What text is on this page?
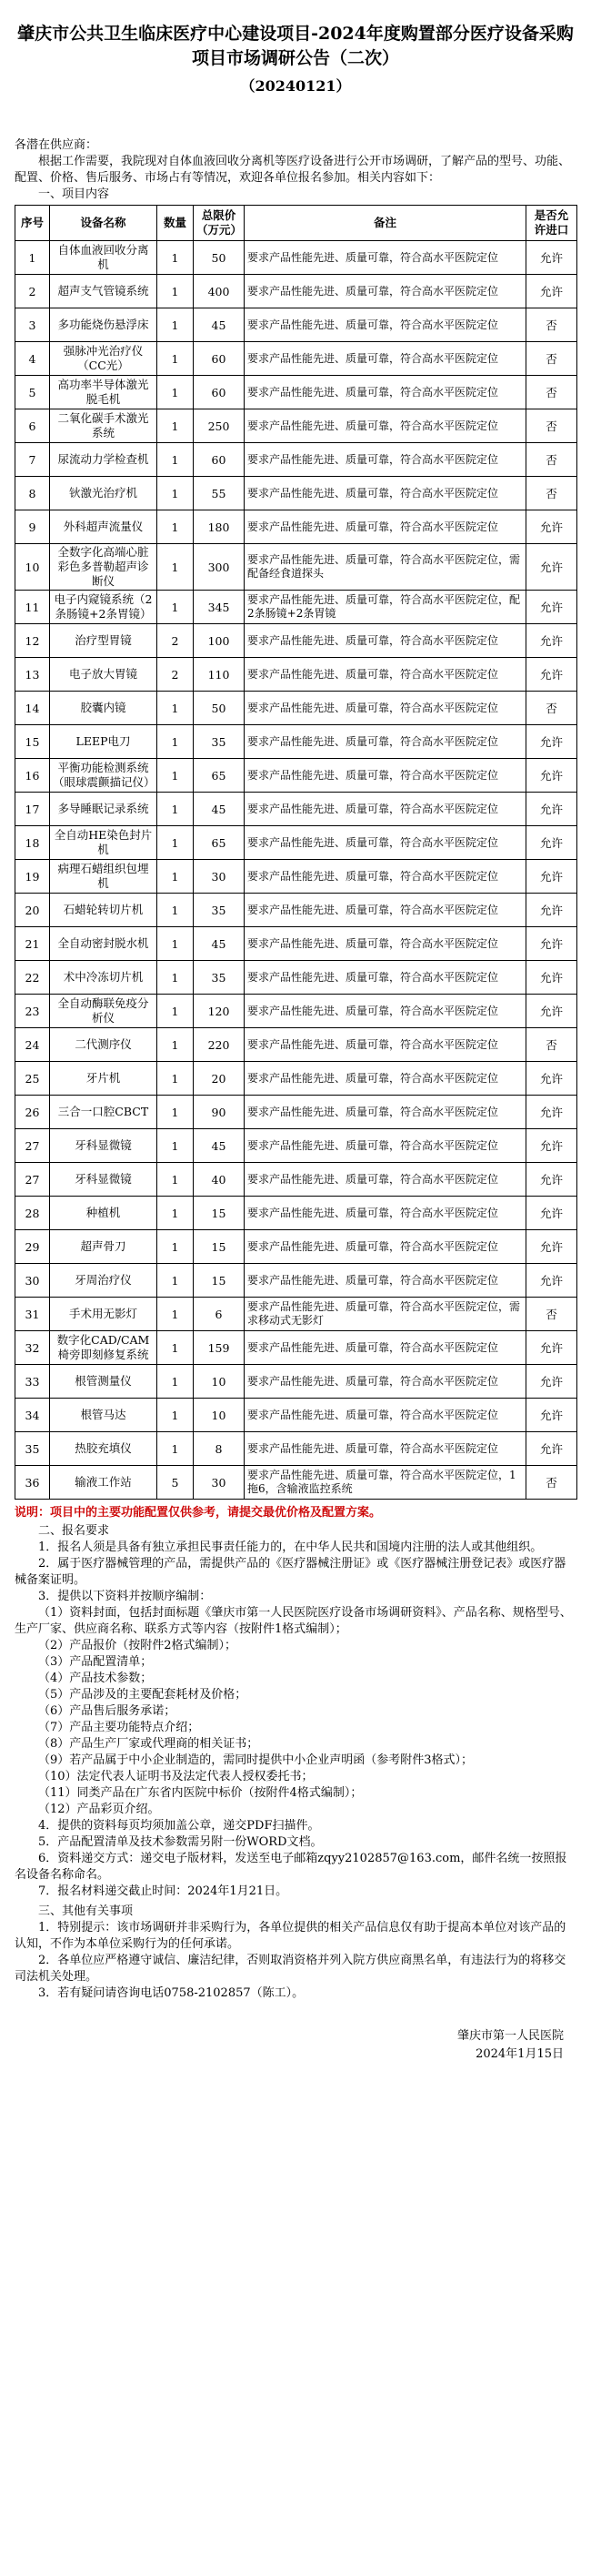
肇庆市公共卫生临床医疗中心建设项目-2024年度购置部分医疗设备采购项目市场调研公告（二次）
（20240121）

各潜在供应商：

根据工作需要，我院现对自体血液回收分离机等医疗设备进行公开市场调研，了解产品的型号、功能、配置、价格、售后服务、市场占有等情况，欢迎各单位报名参加。相关内容如下：

一、项目内容

序号	设备名称	数量	总限价（万元）	备注	是否允许进口
1	自体血液回收分离机	1	50	要求产品性能先进、质量可靠，符合高水平医院定位	允许
2	超声支气管镜系统	1	400	要求产品性能先进、质量可靠，符合高水平医院定位	允许
3	多功能烧伤悬浮床	1	45	要求产品性能先进、质量可靠，符合高水平医院定位	否
4	强脉冲光治疗仪（CC光）	1	60	要求产品性能先进、质量可靠，符合高水平医院定位	否
5	高功率半导体激光脱毛机	1	60	要求产品性能先进、质量可靠，符合高水平医院定位	否
6	二氧化碳手术激光系统	1	250	要求产品性能先进、质量可靠，符合高水平医院定位	否
7	尿流动力学检查机	1	60	要求产品性能先进、质量可靠，符合高水平医院定位	否
8	钬激光治疗机	1	55	要求产品性能先进、质量可靠，符合高水平医院定位	否
9	外科超声流量仪	1	180	要求产品性能先进、质量可靠，符合高水平医院定位	允许
10	全数字化高端心脏彩色多普勒超声诊断仪	1	300	要求产品性能先进、质量可靠，符合高水平医院定位，需配备经食道探头	允许
11	电子内窥镜系统（2条肠镜+2条胃镜）	1	345	要求产品性能先进、质量可靠，符合高水平医院定位，配2条肠镜+2条胃镜	允许
12	治疗型胃镜	2	100	要求产品性能先进、质量可靠，符合高水平医院定位	允许
13	电子放大胃镜	2	110	要求产品性能先进、质量可靠，符合高水平医院定位	允许
14	胶囊内镜	1	50	要求产品性能先进、质量可靠，符合高水平医院定位	否
15	LEEP电刀	1	35	要求产品性能先进、质量可靠，符合高水平医院定位	允许
16	平衡功能检测系统（眼球震颤描记仪）	1	65	要求产品性能先进、质量可靠，符合高水平医院定位	允许
17	多导睡眠记录系统	1	45	要求产品性能先进、质量可靠，符合高水平医院定位	允许
18	全自动HE染色封片机	1	65	要求产品性能先进、质量可靠，符合高水平医院定位	允许
19	病理石蜡组织包埋机	1	30	要求产品性能先进、质量可靠，符合高水平医院定位	允许
20	石蜡轮转切片机	1	35	要求产品性能先进、质量可靠，符合高水平医院定位	允许
21	全自动密封脱水机	1	45	要求产品性能先进、质量可靠，符合高水平医院定位	允许
22	术中冷冻切片机	1	35	要求产品性能先进、质量可靠，符合高水平医院定位	允许
23	全自动酶联免疫分析仪	1	120	要求产品性能先进、质量可靠，符合高水平医院定位	允许
24	二代测序仪	1	220	要求产品性能先进、质量可靠，符合高水平医院定位	否
25	牙片机	1	20	要求产品性能先进、质量可靠，符合高水平医院定位	允许
26	三合一口腔CBCT	1	90	要求产品性能先进、质量可靠，符合高水平医院定位	允许
27	牙科显微镜	1	45	要求产品性能先进、质量可靠，符合高水平医院定位	允许
27	牙科显微镜	1	40	要求产品性能先进、质量可靠，符合高水平医院定位	允许
28	种植机	1	15	要求产品性能先进、质量可靠，符合高水平医院定位	允许
29	超声骨刀	1	15	要求产品性能先进、质量可靠，符合高水平医院定位	允许
30	牙周治疗仪	1	15	要求产品性能先进、质量可靠，符合高水平医院定位	允许
31	手术用无影灯	1	6	要求产品性能先进、质量可靠，符合高水平医院定位，需求移动式无影灯	否
32	数字化CAD/CAM椅旁即刻修复系统	1	159	要求产品性能先进、质量可靠，符合高水平医院定位	允许
33	根管测量仪	1	10	要求产品性能先进、质量可靠，符合高水平医院定位	允许
34	根管马达	1	10	要求产品性能先进、质量可靠，符合高水平医院定位	允许
35	热胶充填仪	1	8	要求产品性能先进、质量可靠，符合高水平医院定位	允许
36	输液工作站	5	30	要求产品性能先进、质量可靠，符合高水平医院定位，1拖6，含输液监控系统	否
说明：项目中的主要功能配置仅供参考，请提交最优价格及配置方案。

二、报名要求

1．报名人须是具备有独立承担民事责任能力的，在中华人民共和国境内注册的法人或其他组织。

2．属于医疗器械管理的产品，需提供产品的《医疗器械注册证》或《医疗器械注册登记表》或医疗器械备案证明。

3．提供以下资料并按顺序编制：

（1）资料封面，包括封面标题《肇庆市第一人民医院医疗设备市场调研资料》、产品名称、规格型号、生产厂家、供应商名称、联系方式等内容（按附件1格式编制）；

（2）产品报价（按附件2格式编制）；

（3）产品配置清单；

（4）产品技术参数；

（5）产品涉及的主要配套耗材及价格；

（6）产品售后服务承诺；

（7）产品主要功能特点介绍；

（8）产品生产厂家或代理商的相关证书；

（9）若产品属于中小企业制造的，需同时提供中小企业声明函（参考附件3格式）；

（10）法定代表人证明书及法定代表人授权委托书；

（11）同类产品在广东省内医院中标价（按附件4格式编制）；

（12）产品彩页介绍。

4．提供的资料每页均须加盖公章，递交PDF扫描件。

5．产品配置清单及技术参数需另附一份WORD文档。

6．资料递交方式：递交电子版材料，发送至电子邮箱zqyy2102857@163.com，邮件名统一按照报名设备名称命名。

7．报名材料递交截止时间：2024年1月21日。

三、其他有关事项

1．特别提示：该市场调研并非采购行为，各单位提供的相关产品信息仅有助于提高本单位对该产品的认知，不作为本单位采购行为的任何承诺。

2．各单位应严格遵守诚信、廉洁纪律，否则取消资格并列入院方供应商黑名单，有违法行为的将移交司法机关处理。

3．若有疑问请咨询电话0758-2102857（陈工）。

肇庆市第一人民医院
2024年1月15日
